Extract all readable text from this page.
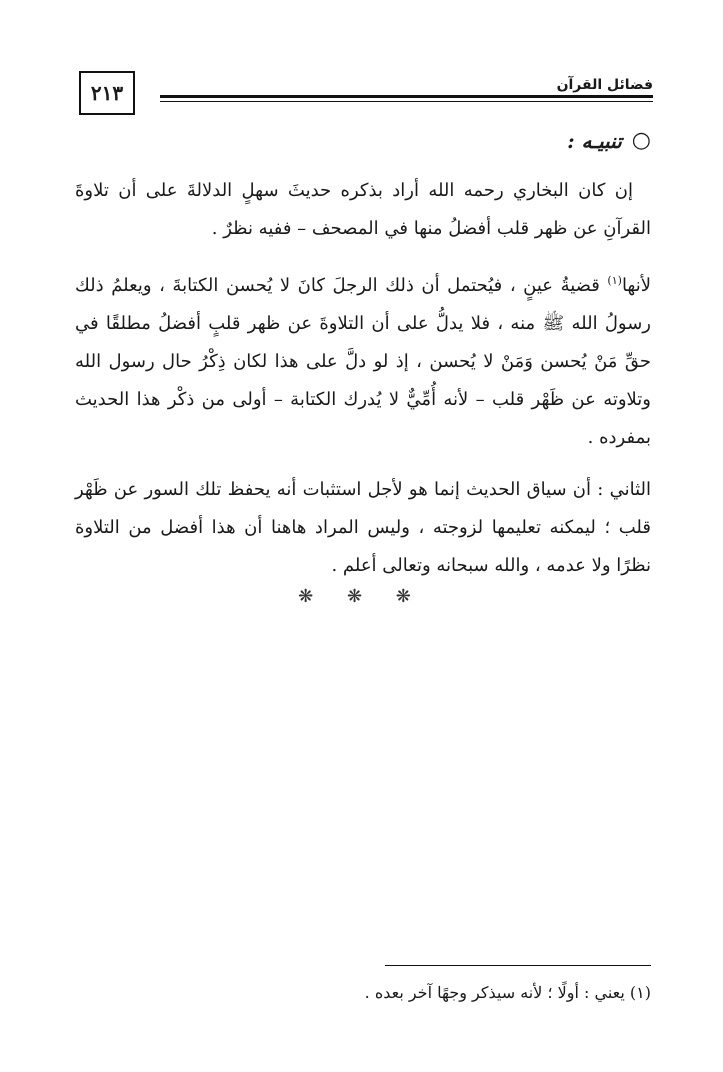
٢١٣	فضائل القرآن
○
تنبيـه :

إن كان البخاري رحمه الله أراد بذكره حديثَ سهلٍ الدلالةَ على أن تلاوةَ القرآنِ عن ظهر قلب أفضلُ منها في المصحف – ففيه نظرٌ .

لأنها$^{(١)}$ قضيةُ عينٍ ، فيُحتمل أن ذلك الرجلَ كانَ لا يُحسن الكتابةَ ، ويعلمُ ذلك رسولُ الله ﷺ منه ، فلا يدلُّ على أن التلاوةَ عن ظهر قلبٍ أفضلُ مطلقًا في حقِّ مَنْ يُحسن وَمَنْ لا يُحسن ، إذ لو دلَّ على هذا لكان ذِكْرُ حال رسول الله وتلاوته عن ظَهْر قلب – لأنه أُمِّيٌّ لا يُدرك الكتابة – أولى من ذكْر هذا الحديث بمفرده .

الثاني : أن سياق الحديث إنما هو لأجل استثبات أنه يحفظ تلك السور عن ظَهْر قلب ؛ ليمكنه تعليمها لزوجته ، وليس المراد هاهنا أن هذا أفضل من التلاوة نظرًا ولا عدمه ، والله سبحانه وتعالى أعلم .

❋ ❋ ❋
(١) يعني : أولًا ؛ لأنه سيذكر وجهًا آخر بعده .
